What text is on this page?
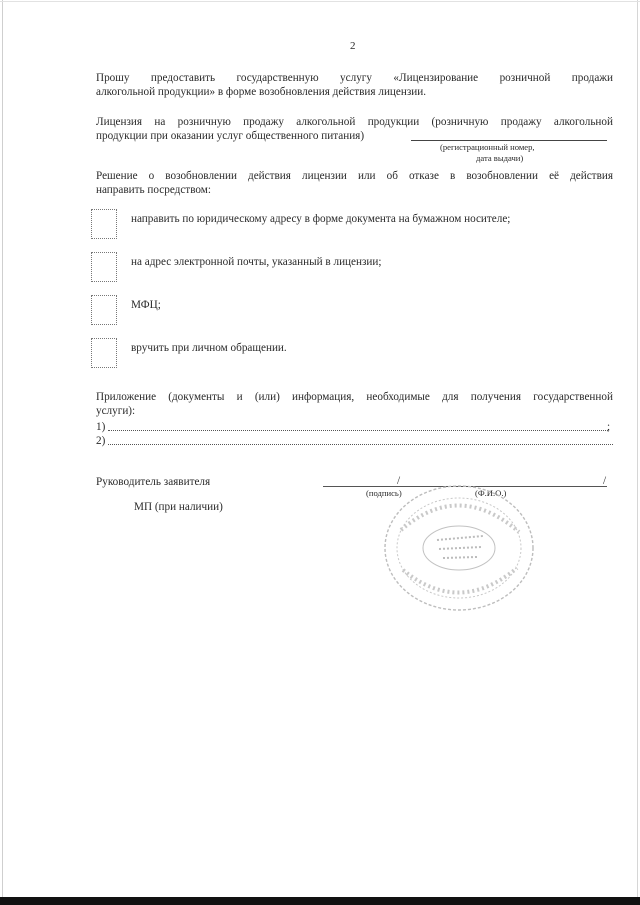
2
Прошу предоставить государственную услугу «Лицензирование розничной продажи
алкогольной продукции» в форме возобновления действия лицензии.
Лицензия на розничную продажу алкогольной продукции (розничную продажу алкогольной
продукции при оказании услуг общественного питания)
(регистрационный номер,
дата выдачи)
Решение о возобновлении действия лицензии или об отказе в возобновлении её действия
направить посредством:
направить по юридическому адресу в форме документа на бумажном носителе;
на адрес электронной почты, указанный в лицензии;
МФЦ;
вручить при личном обращении.
Приложение (документы и (или) информация, необходимые для получения государственной
услуги):
1)	;
2)
Руководитель заявителя	/	/
(подпись)	(Ф.И.О.)
МП (при наличии)
